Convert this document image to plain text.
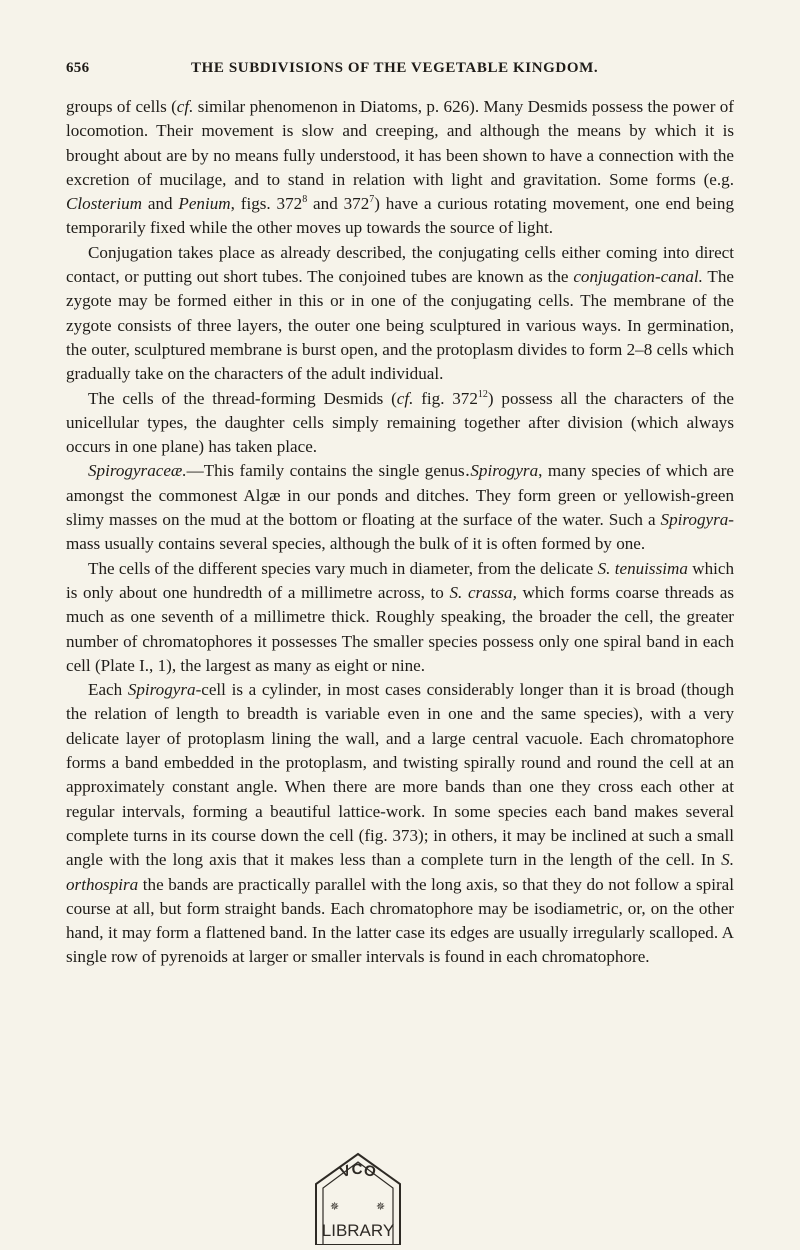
656	THE SUBDIVISIONS OF THE VEGETABLE KINGDOM.

groups of cells (cf. similar phenomenon in Diatoms, p. 626). Many Desmids possess the power of locomotion. Their movement is slow and creeping, and although the means by which it is brought about are by no means fully understood, it has been shown to have a connection with the excretion of mucilage, and to stand in relation with light and gravitation. Some forms (e.g. Closterium and Penium, figs. $372^8$ and $372^7$) have a curious rotating movement, one end being temporarily fixed while the other moves up towards the source of light.

Conjugation takes place as already described, the conjugating cells either coming into direct contact, or putting out short tubes. The conjoined tubes are known as the conjugation-canal. The zygote may be formed either in this or in one of the conjugating cells. The membrane of the zygote consists of three layers, the outer one being sculptured in various ways. In germination, the outer, sculptured membrane is burst open, and the protoplasm divides to form 2–8 cells which gradually take on the characters of the adult individual.

The cells of the thread-forming Desmids (cf. fig. $372^{12}$) possess all the characters of the unicellular types, the daughter cells simply remaining together after division (which always occurs in one plane) has taken place.

Spirogyraceæ.—This family contains the single genus․Spirogyra, many species of which are amongst the commonest Algæ in our ponds and ditches. They form green or yellowish-green slimy masses on the mud at the bottom or floating at the surface of the water. Such a Spirogyra-mass usually contains several species, although the bulk of it is often formed by one.

The cells of the different species vary much in diameter, from the delicate S. tenuissima which is only about one hundredth of a millimetre across, to S. crassa, which forms coarse threads as much as one seventh of a millimetre thick. Roughly speaking, the broader the cell, the greater number of chromatophores it possesses The smaller species possess only one spiral band in each cell (Plate I., 1), the largest as many as eight or nine.

Each Spirogyra-cell is a cylinder, in most cases considerably longer than it is broad (though the relation of length to breadth is variable even in one and the same species), with a very delicate layer of protoplasm lining the wall, and a large central vacuole. Each chromatophore forms a band embedded in the protoplasm, and twisting spirally round and round the cell at an approximately constant angle. When there are more bands than one they cross each other at regular intervals, forming a beautiful lattice-work. In some species each band makes several complete turns in its course down the cell (fig. 373); in others, it may be inclined at such a small angle with the long axis that it makes less than a complete turn in the length of the cell. In S. orthospira the bands are practically parallel with the long axis, so that they do not follow a spiral course at all, but form straight bands. Each chromatophore may be isodiametric, or, on the other hand, it may form a flattened band. In the latter case its edges are usually irregularly scalloped. A single row of pyrenoids at larger or smaller intervals is found in each chromatophore.

VCO
✵	✵
LIBRARY
